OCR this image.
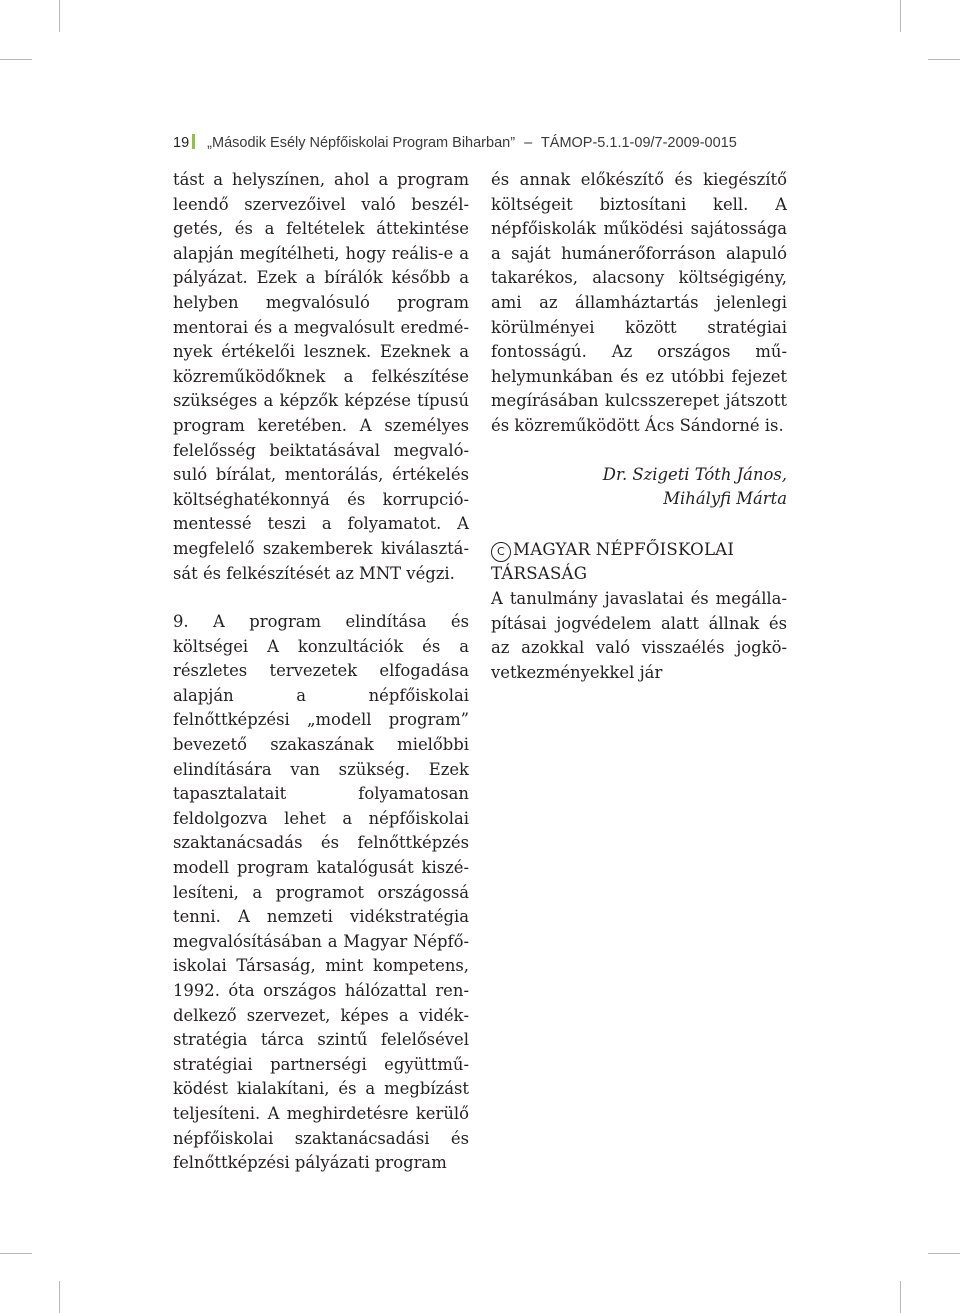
19 „Második Esély Népfőiskolai Program Biharban” – TÁMOP-5.1.1-09/7-2009-0015

tást a helyszínen, ahol a program leendő szervezőivel való beszélgetés, és a feltételek áttekintése alapján megítélheti, hogy reális-e a pályázat. Ezek a bírálók később a helyben megvalósuló program mentorai és a megvalósult eredmények értékelői lesznek. Ezeknek a közreműködőknek a felkészítése szükséges a képzők képzése típusú program keretében. A személyes felelősség beiktatásával megvalósuló bírálat, mentorálás, értékelés költséghatékonnyá és korrupciómentessé teszi a folyamatot. A megfelelő szakemberek kiválasztását és felkészítését az MNT végzi.

9. A program elindítása és költségei A konzultációk és a részletes tervezetek elfogadása alapján a népfőiskolai felnőttképzési „modell program” bevezető szakaszának mielőbbi elindítására van szükség. Ezek tapasztalatait folyamatosan feldolgozva lehet a népfőiskolai szaktanácsadás és felnőttképzés modell program katalógusát kiszélesíteni, a programot országossá tenni. A nemzeti vidékstratégia megvalósításában a Magyar Népfőiskolai Társaság, mint kompetens, 1992. óta országos hálózattal rendelkező szervezet, képes a vidékstratégia tárca szintű felelősével stratégiai partnerségi együttműködést kialakítani, és a megbízást teljesíteni. A meghirdetésre kerülő népfőiskolai szaktanácsadási és felnőttképzési pályázati program

és annak előkészítő és kiegészítő költségeit biztosítani kell. A népfőiskolák működési sajátossága a saját humánerőforráson alapuló takarékos, alacsony költségigény, ami az államháztartás jelenlegi körülményei között stratégiai fontosságú. Az országos műhelymunkában és ez utóbbi fejezet megírásában kulcsszerepet játszott és közreműködött Ács Sándorné is.

Dr. Szigeti Tóth János,
Mihályfi Márta
C MAGYAR NÉPFŐISKOLAI TÁRSASÁG

A tanulmány javaslatai és megállapításai jogvédelem alatt állnak és az azokkal való visszaélés jogkövetkezményekkel jár
